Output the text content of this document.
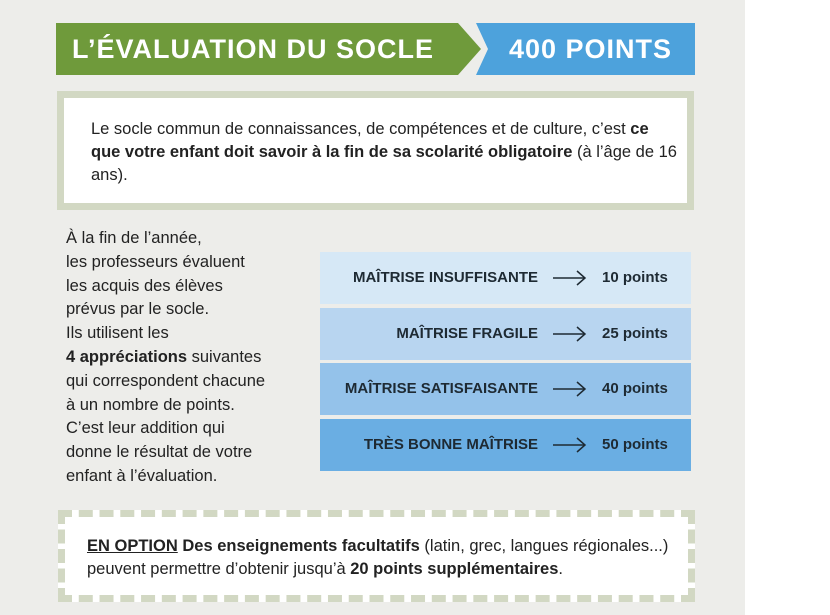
L’ÉVALUATION DU SOCLE	400 POINTS
Le socle commun de connaissances, de compétences et de culture, c’est ce que votre enfant doit savoir à la fin de sa scolarité obligatoire (à l’âge de 16 ans).
À la fin de l’année,
les professeurs évaluent
les acquis des élèves
prévus par le socle.
Ils utilisent les
4 appréciations suivantes
qui correspondent chacune
à un nombre de points.
C’est leur addition qui
donne le résultat de votre
enfant à l’évaluation.
MAÎTRISE INSUFFISANTE	10 points
MAÎTRISE FRAGILE	25 points
MAÎTRISE SATISFAISANTE	40 points
TRÈS BONNE MAÎTRISE	50 points
EN OPTION Des enseignements facultatifs (latin, grec, langues régionales...) peuvent permettre d’obtenir jusqu’à 20 points supplémentaires.
